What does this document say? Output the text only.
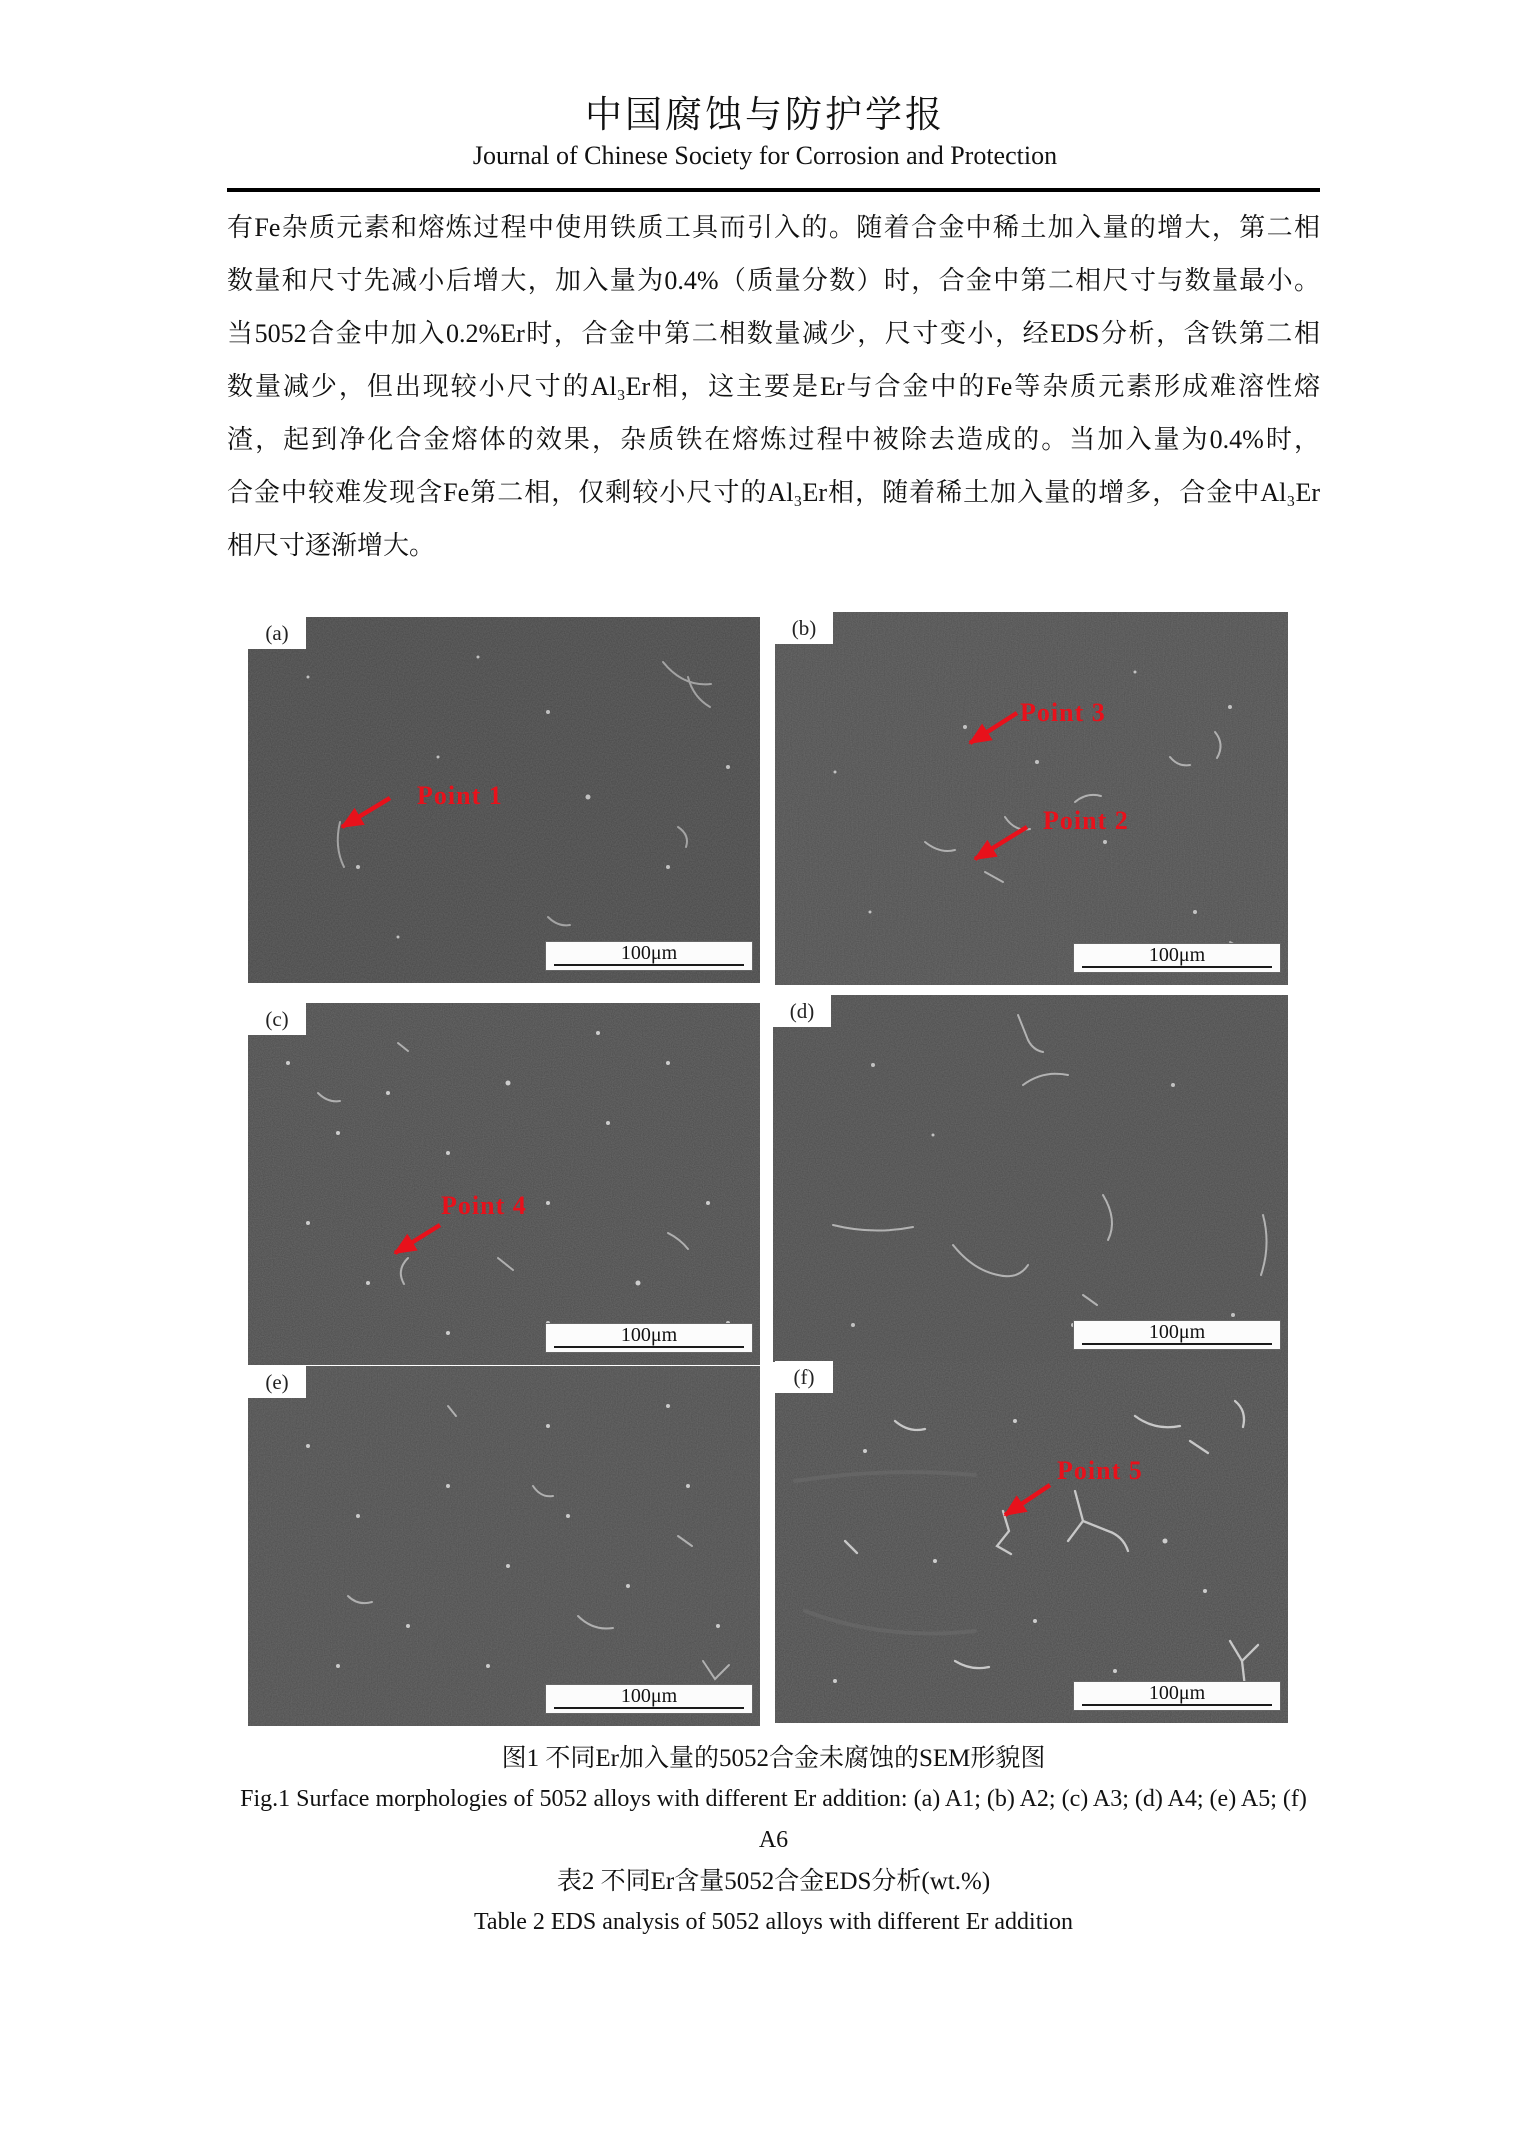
中国腐蚀与防护学报
Journal of Chinese Society for Corrosion and Protection
有Fe杂质元素和熔炼过程中使用铁质工具而引入的。随着合金中稀土加入量的增大，第二相
数量和尺寸先减小后增大，加入量为0.4%（质量分数）时，合金中第二相尺寸与数量最小。
当5052合金中加入0.2%Er时，合金中第二相数量减少，尺寸变小，经EDS分析，含铁第二相
数量减少，但出现较小尺寸的Al₃Er相，这主要是Er与合金中的Fe等杂质元素形成难溶性熔
渣，起到净化合金熔体的效果，杂质铁在熔炼过程中被除去造成的。当加入量为0.4%时，
合金中较难发现含Fe第二相，仅剩较小尺寸的Al₃Er相，随着稀土加入量的增多，合金中Al₃Er
相尺寸逐渐增大。
(a)
Point 1
100μm
(b)
Point 3
Point 2
100μm
(c)
Point 4
100μm
(d)
100μm
(e)
100μm
(f)
Point 5
100μm
图1 不同Er加入量的5052合金未腐蚀的SEM形貌图
Fig.1 Surface morphologies of 5052 alloys with different Er addition: (a) A1; (b) A2; (c) A3; (d) A4; (e) A5; (f)
A6
表2 不同Er含量5052合金EDS分析(wt.%)
Table 2 EDS analysis of 5052 alloys with different Er addition
